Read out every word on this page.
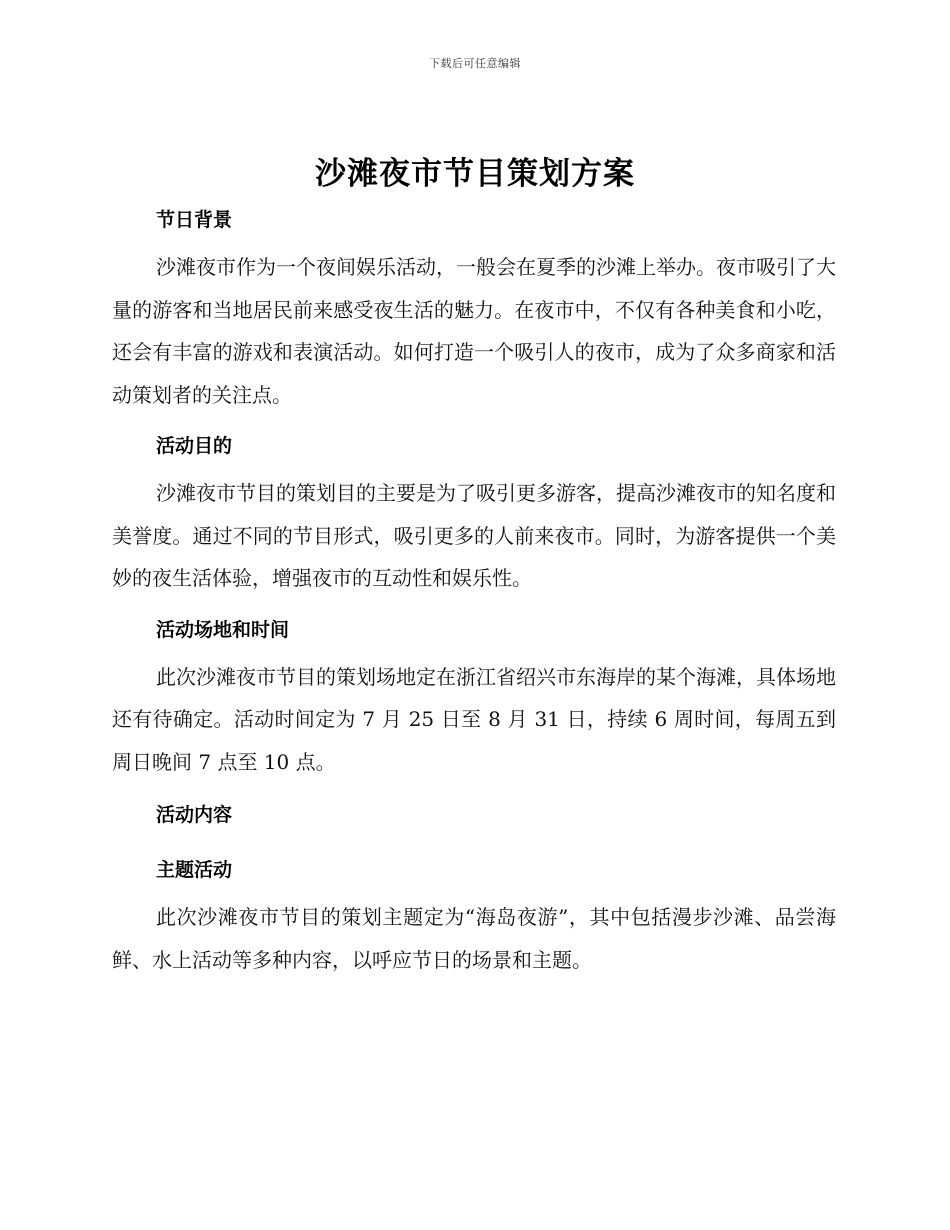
下载后可任意编辑
沙滩夜市节目策划方案
节日背景

沙滩夜市作为一个夜间娱乐活动，一般会在夏季的沙滩上举办。夜市吸引了大量的游客和当地居民前来感受夜生活的魅力。在夜市中，不仅有各种美食和小吃，还会有丰富的游戏和表演活动。如何打造一个吸引人的夜市，成为了众多商家和活动策划者的关注点。

活动目的

沙滩夜市节目的策划目的主要是为了吸引更多游客，提高沙滩夜市的知名度和美誉度。通过不同的节目形式，吸引更多的人前来夜市。同时，为游客提供一个美妙的夜生活体验，增强夜市的互动性和娱乐性。

活动场地和时间

此次沙滩夜市节目的策划场地定在浙江省绍兴市东海岸的某个海滩，具体场地还有待确定。活动时间定为 7 月 25 日至 8 月 31 日，持续 6 周时间，每周五到周日晚间 7 点至 10 点。

活动内容
主题活动

此次沙滩夜市节目的策划主题定为“海岛夜游”，其中包括漫步沙滩、品尝海鲜、水上活动等多种内容，以呼应节日的场景和主题。
